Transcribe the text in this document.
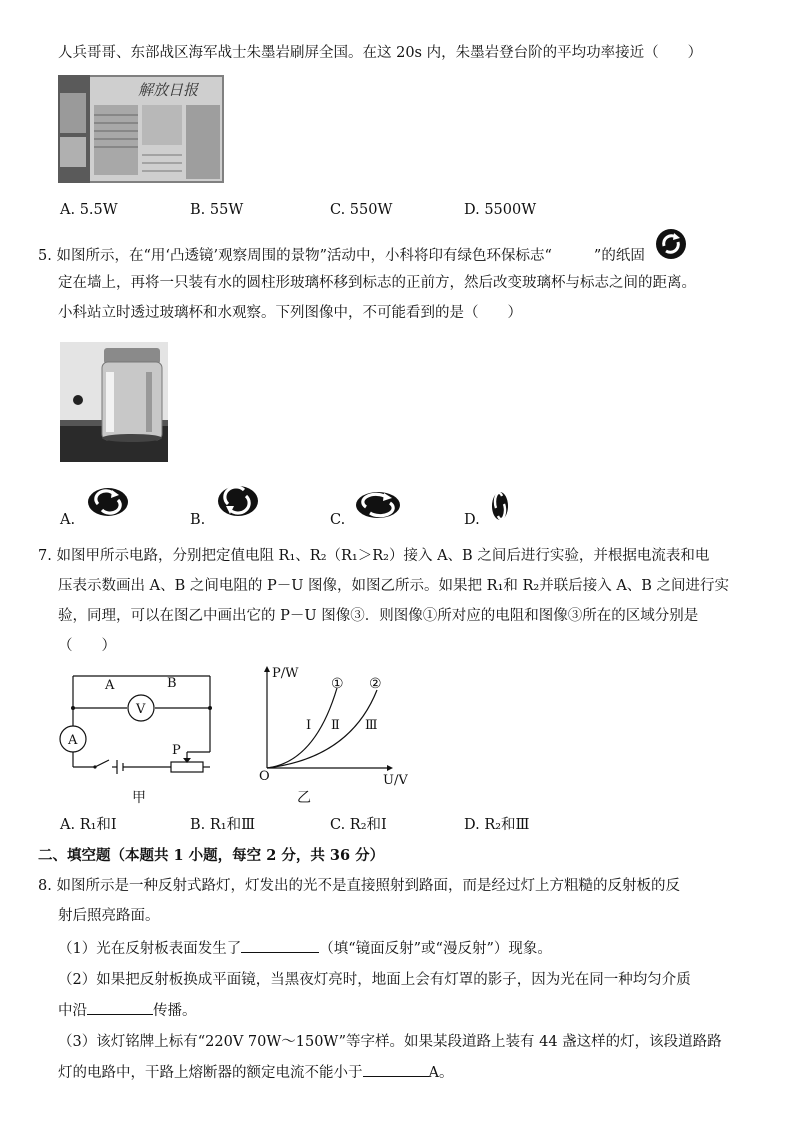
人兵哥哥、东部战区海军战士朱墨岩刷屏全国。在这 20s 内，朱墨岩登台阶的平均功率接近（　　）
解放日报
A. 5.5W	B. 55W	C. 550W	D. 5500W
5. 如图所示，在“用‘凸透镜’观察周围的景物”活动中，小科将印有绿色环保标志“	”的纸固
定在墙上，再将一只装有水的圆柱形玻璃杯移到标志的正前方，然后改变玻璃杯与标志之间的距离。
小科站立时透过玻璃杯和水观察。下列图像中，不可能看到的是（　　）
A.	B.	C.	D.
7. 如图甲所示电路，分别把定值电阻 R₁、R₂（R₁＞R₂）接入 A、B 之间后进行实验，并根据电流表和电
压表示数画出 A、B 之间电阻的 P－U 图像，如图乙所示。如果把 R₁和 R₂并联后接入 A、B 之间进行实
验，同理，可以在图乙中画出它的 P－U 图像③．则图像①所对应的电阻和图像③所在的区域分别是
（　　）
A	B
V
A
P
甲
P/W
U/V
O
① ②
Ⅰ Ⅱ Ⅲ
乙
A. R₁和Ⅰ	B. R₁和Ⅲ	C. R₂和Ⅰ	D. R₂和Ⅲ
二、填空题（本题共 1 小题，每空 2 分，共 36 分）
8. 如图所示是一种反射式路灯，灯发出的光不是直接照射到路面，而是经过灯上方粗糙的反射板的反
射后照亮路面。
（1）光在反射板表面发生了	（填“镜面反射”或“漫反射”）现象。
（2）如果把反射板换成平面镜，当黑夜灯亮时，地面上会有灯罩的影子，因为光在同一种均匀介质
中沿	传播。
（3）该灯铭牌上标有“220V 70W～150W”等字样。如果某段道路上装有 44 盏这样的灯，该段道路路
灯的电路中，干路上熔断器的额定电流不能小于	A。
